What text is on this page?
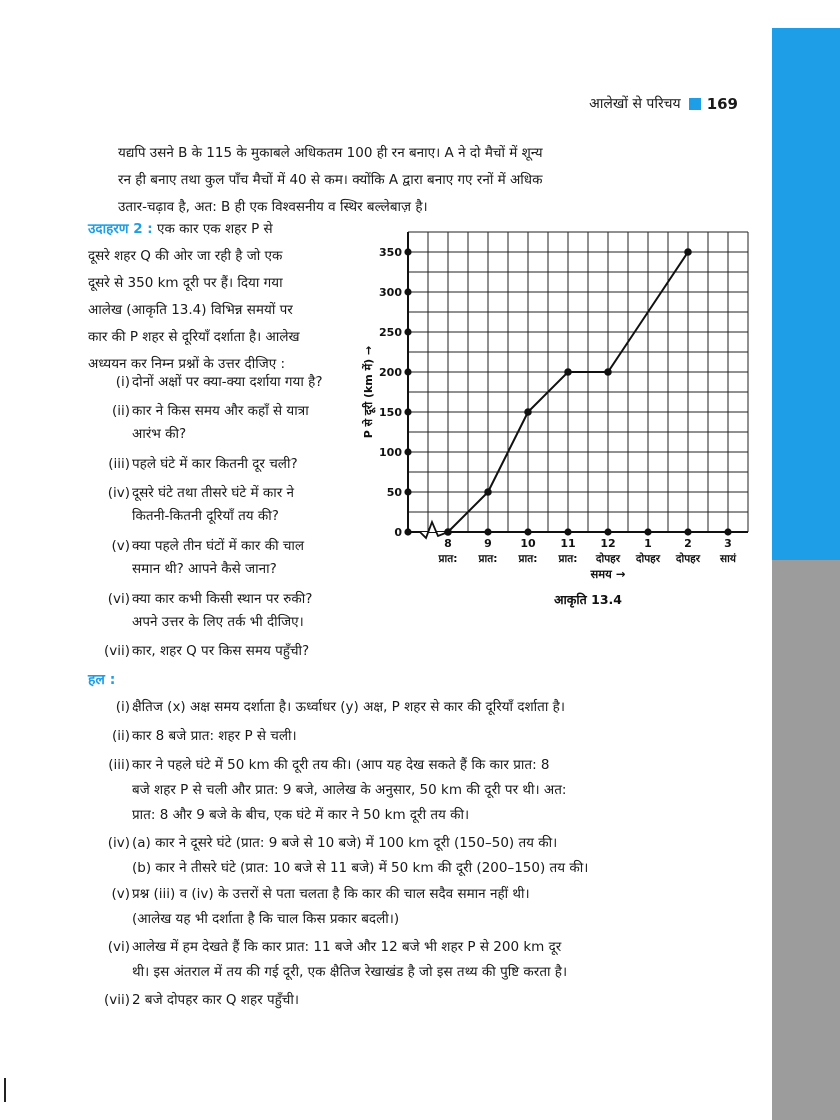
आलेखों से परिचय 169
यद्यपि उसने B के 115 के मुकाबले अधिकतम 100 ही रन बनाए। A ने दो मैचों में शून्य
रन ही बनाए तथा कुल पाँच मैचों में 40 से कम। क्योंकि A द्वारा बनाए गए रनों में अधिक
उतार-चढ़ाव है, अत: B ही एक विश्वसनीय व स्थिर बल्लेबाज़ है।
उदाहरण 2 : एक कार एक शहर P से
दूसरे शहर Q की ओर जा रही है जो एक
दूसरे से 350 km दूरी पर हैं। दिया गया
आलेख (आकृति 13.4) विभिन्न समयों पर
कार की P शहर से दूरियाँ दर्शाता है। आलेख
अध्ययन कर निम्न प्रश्नों के उत्तर दीजिए :
(i) दोनों अक्षों पर क्या-क्या दर्शाया गया है?
(ii) कार ने किस समय और कहाँ से यात्रा
आरंभ की?
(iii) पहले घंटे में कार कितनी दूर चली?
(iv) दूसरे घंटे तथा तीसरे घंटे में कार ने
कितनी-कितनी दूरियाँ तय की?
(v) क्या पहले तीन घंटों में कार की चाल
समान थी? आपने कैसे जाना?
(vi) क्या कार कभी किसी स्थान पर रुकी?
अपने उत्तर के लिए तर्क भी दीजिए।
(vii) कार, शहर Q पर किस समय पहुँची?
0
50
100
150
200
250
300
350
8
प्रात:
9
प्रात:
10
प्रात:
11
प्रात:
12
दोपहर
1
दोपहर
2
दोपहर
3
सायं
समय →
P से दूरी (km में) →
आकृति 13.4
हल :
(i) क्षैतिज (x) अक्ष समय दर्शाता है। ऊर्ध्वाधर (y) अक्ष, P शहर से कार की दूरियाँ दर्शाता है।
(ii) कार 8 बजे प्रात: शहर P से चली।
(iii) कार ने पहले घंटे में 50 km की दूरी तय की। (आप यह देख सकते हैं कि कार प्रात: 8
बजे शहर P से चली और प्रात: 9 बजे, आलेख के अनुसार, 50 km की दूरी पर थी। अत:
प्रात: 8 और 9 बजे के बीच, एक घंटे में कार ने 50 km दूरी तय की।
(iv) (a) कार ने दूसरे घंटे (प्रात: 9 बजे से 10 बजे) में 100 km दूरी (150–50) तय की।
(b) कार ने तीसरे घंटे (प्रात: 10 बजे से 11 बजे) में 50 km की दूरी (200–150) तय की।
(v) प्रश्न (iii) व (iv) के उत्तरों से पता चलता है कि कार की चाल सदैव समान नहीं थी।
(आलेख यह भी दर्शाता है कि चाल किस प्रकार बदली।)
(vi) आलेख में हम देखते हैं कि कार प्रात: 11 बजे और 12 बजे भी शहर P से 200 km दूर
थी। इस अंतराल में तय की गई दूरी, एक क्षैतिज रेखाखंड है जो इस तथ्य की पुष्टि करता है।
(vii) 2 बजे दोपहर कार Q शहर पहुँची।
